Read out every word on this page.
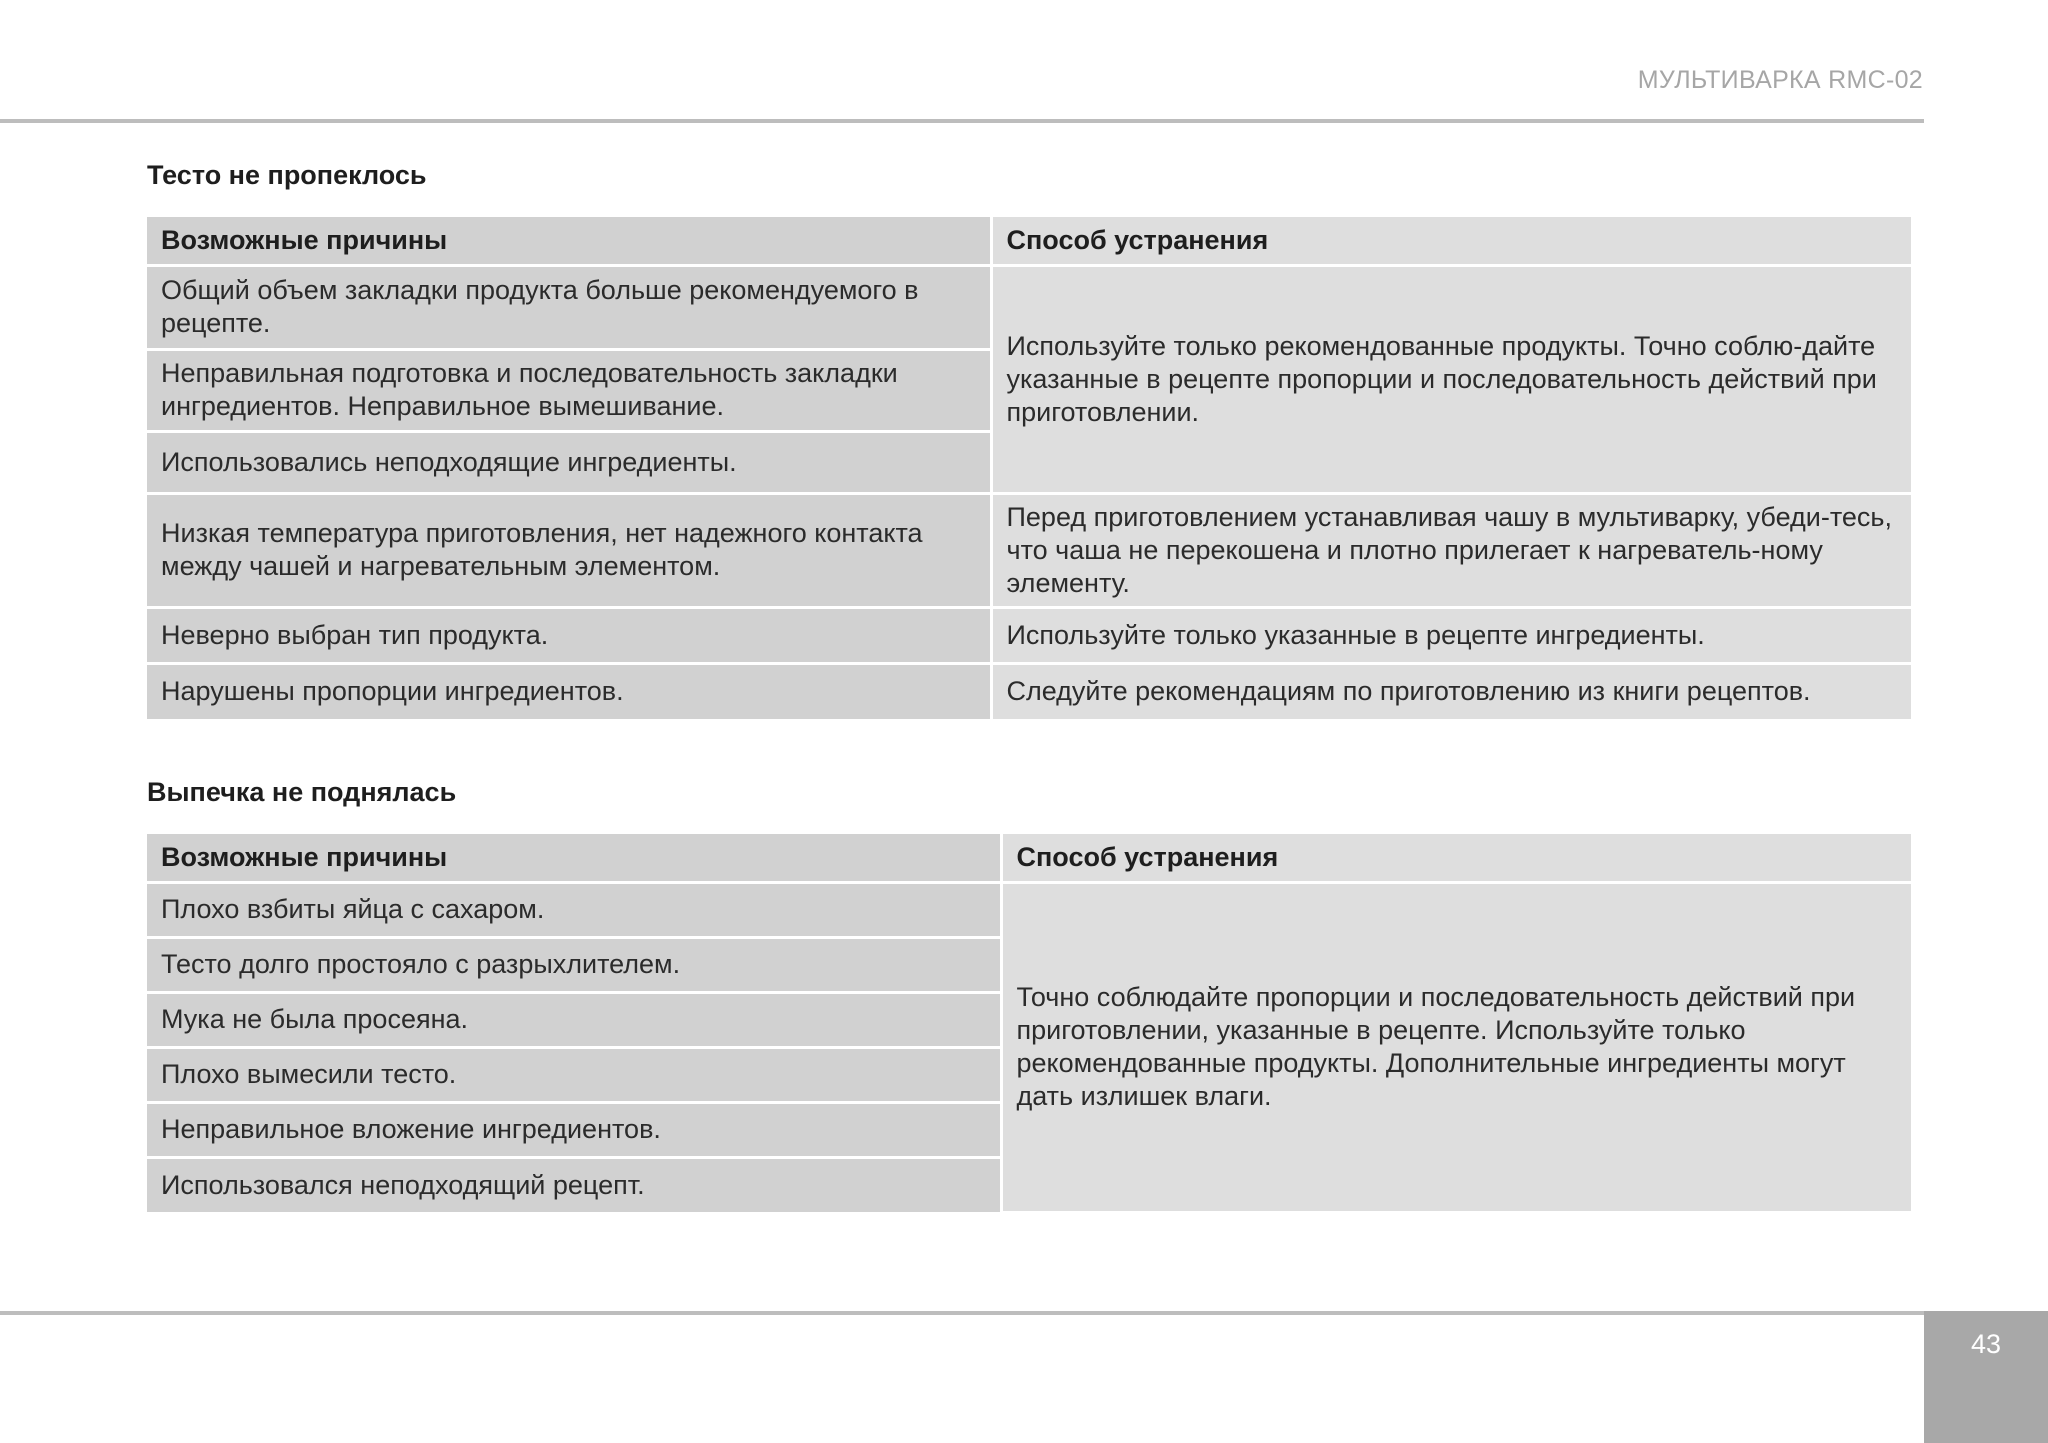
МУЛЬТИВАРКА RMC-02
Тесто не пропеклось
Возможные причины	Способ устранения
Общий объем закладки продукта больше рекомендуемого в рецепте.	Используйте только рекомендованные продукты. Точно соблю-дайте указанные в рецепте пропорции и последовательность действий при приготовлении.
Неправильная подготовка и последовательность закладки ингредиентов. Неправильное вымешивание.	
Использовались неподходящие ингредиенты.	
Низкая температура приготовления, нет надежного контакта между чашей и нагревательным элементом.	Перед приготовлением устанавливая чашу в мультиварку, убеди-тесь, что чаша не перекошена и плотно прилегает к нагреватель-ному элементу.
Неверно выбран тип продукта.	Используйте только указанные в рецепте ингредиенты.
Нарушены пропорции ингредиентов.	Следуйте рекомендациям по приготовлению из книги рецептов.
Выпечка не поднялась
Возможные причины	Способ устранения
Плохо взбиты яйца с сахаром.	Точно соблюдайте пропорции и последовательность действий при приготовлении, указанные в рецепте. Используйте только рекомендованные продукты. Дополнительные ингредиенты могут дать излишек влаги.
Тесто долго простояло с разрыхлителем.	
Мука не была просеяна.	
Плохо вымесили тесто.	
Неправильное вложение ингредиентов.	
Использовался неподходящий рецепт.	
43
